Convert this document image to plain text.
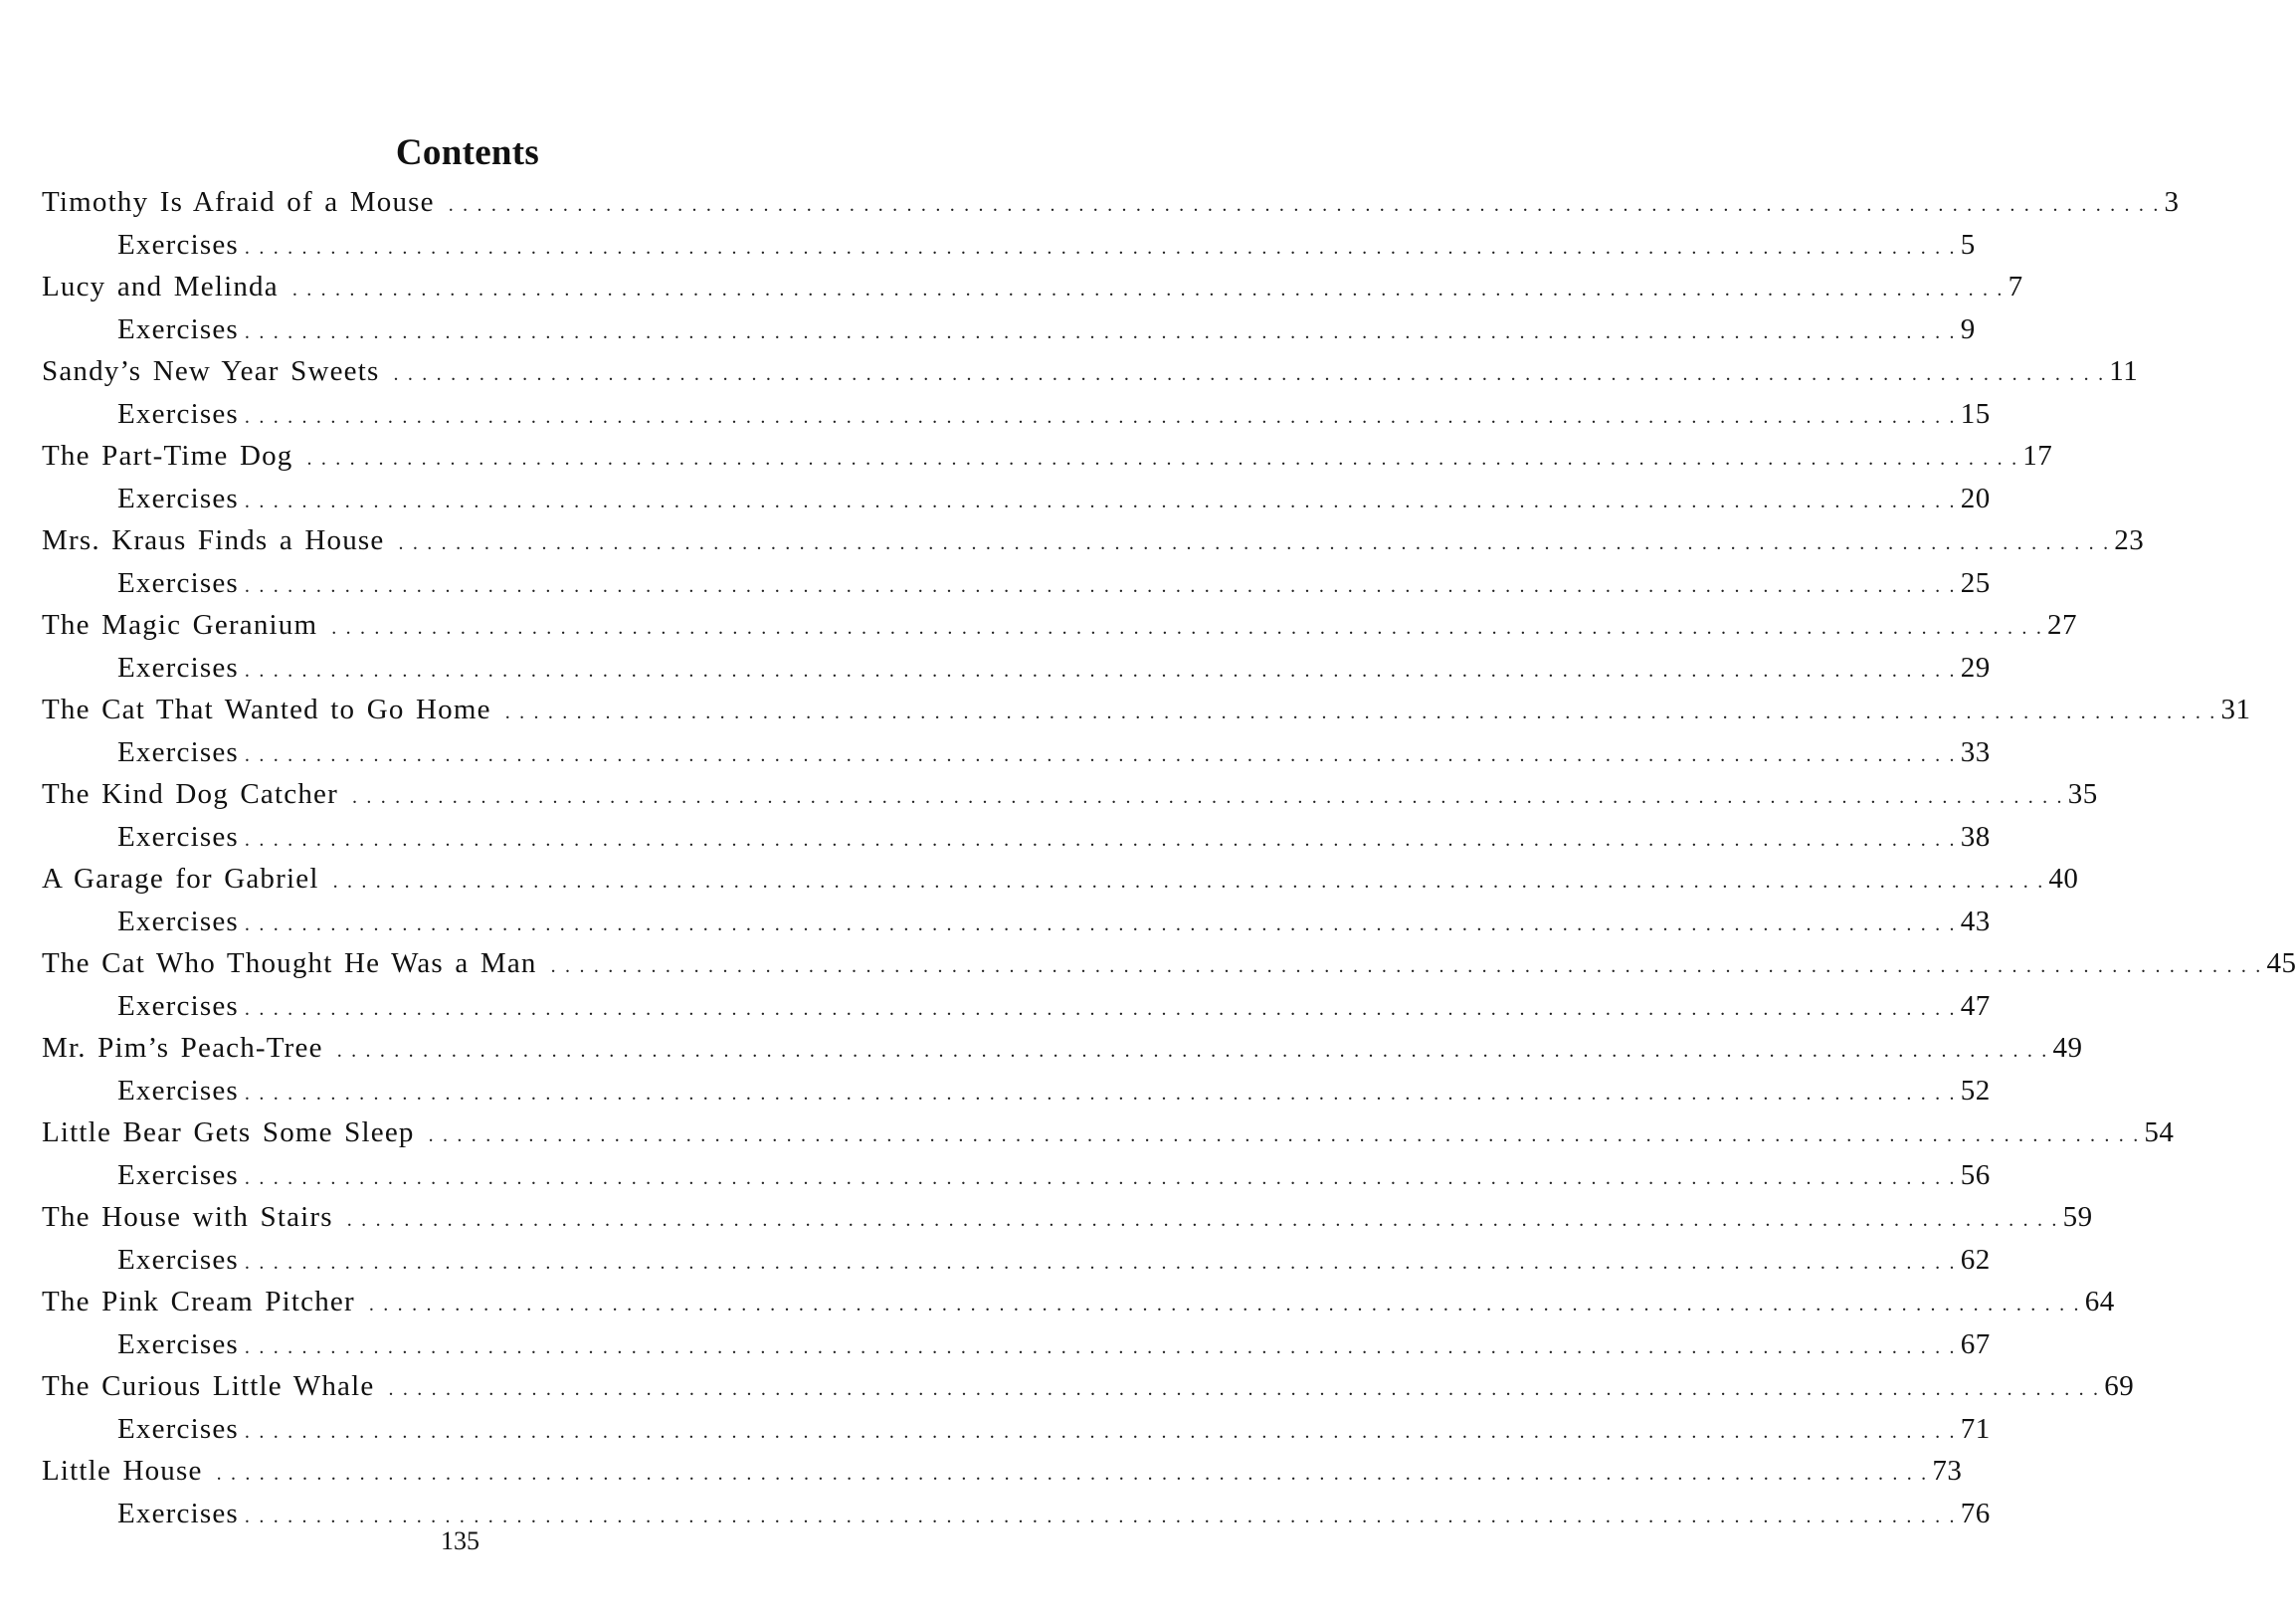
Contents
Timothy Is Afraid of a Mouse . . . . . . . . . . . . . . . . . . . . . . . . . . . . . . . . . . . . . . . . . . . . . . . . . . . . . . . . . . . . . . . . . . . . . . . . . . . . . . . . . . . . . . . . . . . . . . . . . . . . . . . . . . . . . . . . . . . . . . . . 3
Exercises . . . . . . . . . . . . . . . . . . . . . . . . . . . . . . . . . . . . . . . . . . . . . . . . . . . . . . . . . . . . . . . . . . . . . . . . . . . . . . . . . . . . . . . . . . . . . . . . . . . . . . . . . . . . . . . . . . . . . . . . 5
Lucy and Melinda . . . . . . . . . . . . . . . . . . . . . . . . . . . . . . . . . . . . . . . . . . . . . . . . . . . . . . . . . . . . . . . . . . . . . . . . . . . . . . . . . . . . . . . . . . . . . . . . . . . . . . . . . . . . . . . . . . . . . . . . 7
Exercises . . . . . . . . . . . . . . . . . . . . . . . . . . . . . . . . . . . . . . . . . . . . . . . . . . . . . . . . . . . . . . . . . . . . . . . . . . . . . . . . . . . . . . . . . . . . . . . . . . . . . . . . . . . . . . . . . . . . . . . . 9
Sandy’s New Year Sweets . . . . . . . . . . . . . . . . . . . . . . . . . . . . . . . . . . . . . . . . . . . . . . . . . . . . . . . . . . . . . . . . . . . . . . . . . . . . . . . . . . . . . . . . . . . . . . . . . . . . . . . . . . . . . . . . . . . . . . . . 11
Exercises . . . . . . . . . . . . . . . . . . . . . . . . . . . . . . . . . . . . . . . . . . . . . . . . . . . . . . . . . . . . . . . . . . . . . . . . . . . . . . . . . . . . . . . . . . . . . . . . . . . . . . . . . . . . . . . . . . . . . . . . 15
The Part-Time Dog . . . . . . . . . . . . . . . . . . . . . . . . . . . . . . . . . . . . . . . . . . . . . . . . . . . . . . . . . . . . . . . . . . . . . . . . . . . . . . . . . . . . . . . . . . . . . . . . . . . . . . . . . . . . . . . . . . . . . . . . 17
Exercises . . . . . . . . . . . . . . . . . . . . . . . . . . . . . . . . . . . . . . . . . . . . . . . . . . . . . . . . . . . . . . . . . . . . . . . . . . . . . . . . . . . . . . . . . . . . . . . . . . . . . . . . . . . . . . . . . . . . . . . . 20
Mrs. Kraus Finds a House . . . . . . . . . . . . . . . . . . . . . . . . . . . . . . . . . . . . . . . . . . . . . . . . . . . . . . . . . . . . . . . . . . . . . . . . . . . . . . . . . . . . . . . . . . . . . . . . . . . . . . . . . . . . . . . . . . . . . . . . 23
Exercises . . . . . . . . . . . . . . . . . . . . . . . . . . . . . . . . . . . . . . . . . . . . . . . . . . . . . . . . . . . . . . . . . . . . . . . . . . . . . . . . . . . . . . . . . . . . . . . . . . . . . . . . . . . . . . . . . . . . . . . . 25
The Magic Geranium . . . . . . . . . . . . . . . . . . . . . . . . . . . . . . . . . . . . . . . . . . . . . . . . . . . . . . . . . . . . . . . . . . . . . . . . . . . . . . . . . . . . . . . . . . . . . . . . . . . . . . . . . . . . . . . . . . . . . . . . 27
Exercises . . . . . . . . . . . . . . . . . . . . . . . . . . . . . . . . . . . . . . . . . . . . . . . . . . . . . . . . . . . . . . . . . . . . . . . . . . . . . . . . . . . . . . . . . . . . . . . . . . . . . . . . . . . . . . . . . . . . . . . . 29
The Cat That Wanted to Go Home . . . . . . . . . . . . . . . . . . . . . . . . . . . . . . . . . . . . . . . . . . . . . . . . . . . . . . . . . . . . . . . . . . . . . . . . . . . . . . . . . . . . . . . . . . . . . . . . . . . . . . . . . . . . . . . . . . . . . . . . 31
Exercises . . . . . . . . . . . . . . . . . . . . . . . . . . . . . . . . . . . . . . . . . . . . . . . . . . . . . . . . . . . . . . . . . . . . . . . . . . . . . . . . . . . . . . . . . . . . . . . . . . . . . . . . . . . . . . . . . . . . . . . . 33
The Kind Dog Catcher . . . . . . . . . . . . . . . . . . . . . . . . . . . . . . . . . . . . . . . . . . . . . . . . . . . . . . . . . . . . . . . . . . . . . . . . . . . . . . . . . . . . . . . . . . . . . . . . . . . . . . . . . . . . . . . . . . . . . . . . 35
Exercises . . . . . . . . . . . . . . . . . . . . . . . . . . . . . . . . . . . . . . . . . . . . . . . . . . . . . . . . . . . . . . . . . . . . . . . . . . . . . . . . . . . . . . . . . . . . . . . . . . . . . . . . . . . . . . . . . . . . . . . . 38
A Garage for Gabriel . . . . . . . . . . . . . . . . . . . . . . . . . . . . . . . . . . . . . . . . . . . . . . . . . . . . . . . . . . . . . . . . . . . . . . . . . . . . . . . . . . . . . . . . . . . . . . . . . . . . . . . . . . . . . . . . . . . . . . . . 40
Exercises . . . . . . . . . . . . . . . . . . . . . . . . . . . . . . . . . . . . . . . . . . . . . . . . . . . . . . . . . . . . . . . . . . . . . . . . . . . . . . . . . . . . . . . . . . . . . . . . . . . . . . . . . . . . . . . . . . . . . . . . 43
The Cat Who Thought He Was a Man . . . . . . . . . . . . . . . . . . . . . . . . . . . . . . . . . . . . . . . . . . . . . . . . . . . . . . . . . . . . . . . . . . . . . . . . . . . . . . . . . . . . . . . . . . . . . . . . . . . . . . . . . . . . . . . . . . . . . . . . 45
Exercises . . . . . . . . . . . . . . . . . . . . . . . . . . . . . . . . . . . . . . . . . . . . . . . . . . . . . . . . . . . . . . . . . . . . . . . . . . . . . . . . . . . . . . . . . . . . . . . . . . . . . . . . . . . . . . . . . . . . . . . . 47
Mr. Pim’s Peach-Tree . . . . . . . . . . . . . . . . . . . . . . . . . . . . . . . . . . . . . . . . . . . . . . . . . . . . . . . . . . . . . . . . . . . . . . . . . . . . . . . . . . . . . . . . . . . . . . . . . . . . . . . . . . . . . . . . . . . . . . . . 49
Exercises . . . . . . . . . . . . . . . . . . . . . . . . . . . . . . . . . . . . . . . . . . . . . . . . . . . . . . . . . . . . . . . . . . . . . . . . . . . . . . . . . . . . . . . . . . . . . . . . . . . . . . . . . . . . . . . . . . . . . . . . 52
Little Bear Gets Some Sleep . . . . . . . . . . . . . . . . . . . . . . . . . . . . . . . . . . . . . . . . . . . . . . . . . . . . . . . . . . . . . . . . . . . . . . . . . . . . . . . . . . . . . . . . . . . . . . . . . . . . . . . . . . . . . . . . . . . . . . . . 54
Exercises . . . . . . . . . . . . . . . . . . . . . . . . . . . . . . . . . . . . . . . . . . . . . . . . . . . . . . . . . . . . . . . . . . . . . . . . . . . . . . . . . . . . . . . . . . . . . . . . . . . . . . . . . . . . . . . . . . . . . . . . 56
The House with Stairs . . . . . . . . . . . . . . . . . . . . . . . . . . . . . . . . . . . . . . . . . . . . . . . . . . . . . . . . . . . . . . . . . . . . . . . . . . . . . . . . . . . . . . . . . . . . . . . . . . . . . . . . . . . . . . . . . . . . . . . . 59
Exercises . . . . . . . . . . . . . . . . . . . . . . . . . . . . . . . . . . . . . . . . . . . . . . . . . . . . . . . . . . . . . . . . . . . . . . . . . . . . . . . . . . . . . . . . . . . . . . . . . . . . . . . . . . . . . . . . . . . . . . . . 62
The Pink Cream Pitcher . . . . . . . . . . . . . . . . . . . . . . . . . . . . . . . . . . . . . . . . . . . . . . . . . . . . . . . . . . . . . . . . . . . . . . . . . . . . . . . . . . . . . . . . . . . . . . . . . . . . . . . . . . . . . . . . . . . . . . . . 64
Exercises . . . . . . . . . . . . . . . . . . . . . . . . . . . . . . . . . . . . . . . . . . . . . . . . . . . . . . . . . . . . . . . . . . . . . . . . . . . . . . . . . . . . . . . . . . . . . . . . . . . . . . . . . . . . . . . . . . . . . . . . 67
The Curious Little Whale . . . . . . . . . . . . . . . . . . . . . . . . . . . . . . . . . . . . . . . . . . . . . . . . . . . . . . . . . . . . . . . . . . . . . . . . . . . . . . . . . . . . . . . . . . . . . . . . . . . . . . . . . . . . . . . . . . . . . . . . 69
Exercises . . . . . . . . . . . . . . . . . . . . . . . . . . . . . . . . . . . . . . . . . . . . . . . . . . . . . . . . . . . . . . . . . . . . . . . . . . . . . . . . . . . . . . . . . . . . . . . . . . . . . . . . . . . . . . . . . . . . . . . . 71
Little House . . . . . . . . . . . . . . . . . . . . . . . . . . . . . . . . . . . . . . . . . . . . . . . . . . . . . . . . . . . . . . . . . . . . . . . . . . . . . . . . . . . . . . . . . . . . . . . . . . . . . . . . . . . . . . . . . . . . . . . . 73
Exercises . . . . . . . . . . . . . . . . . . . . . . . . . . . . . . . . . . . . . . . . . . . . . . . . . . . . . . . . . . . . . . . . . . . . . . . . . . . . . . . . . . . . . . . . . . . . . . . . . . . . . . . . . . . . . . . . . . . . . . . . 76
135
